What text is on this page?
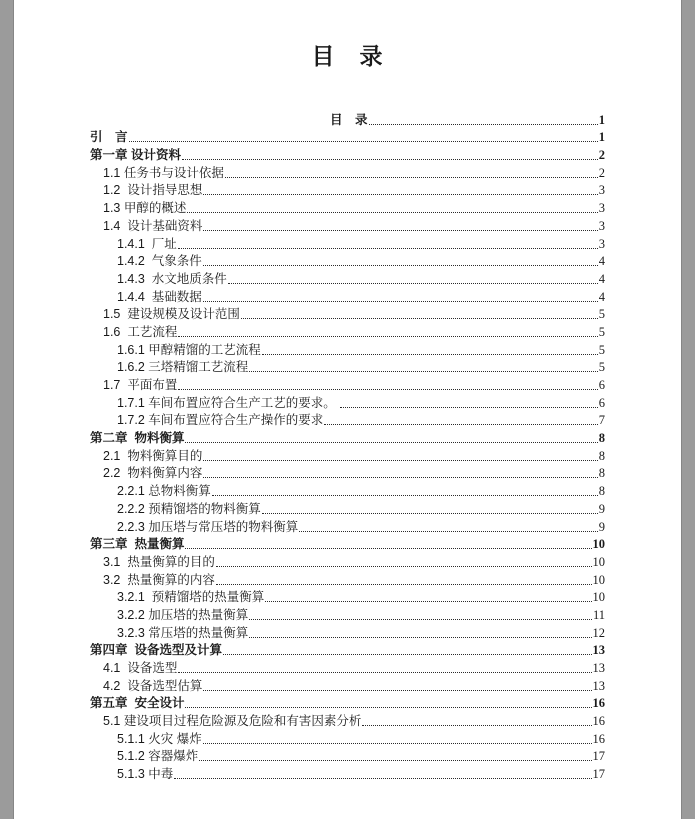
目　录
目　录	1
引　言	1
第一章 设计资料	2
1.1 任务书与设计依据	2
1.2  设计指导思想	3
1.3 甲醇的概述	3
1.4  设计基础资料	3
1.4.1  厂址	3
1.4.2  气象条件	4
1.4.3  水文地质条件	4
1.4.4  基础数据	4
1.5  建设规模及设计范围	5
1.6  工艺流程	5
1.6.1 甲醇精馏的工艺流程	5
1.6.2 三塔精馏工艺流程	5
1.7  平面布置	6
1.7.1 车间布置应符合生产工艺的要求。	6
1.7.2 车间布置应符合生产操作的要求	7
第二章  物料衡算	8
2.1  物料衡算目的	8
2.2  物料衡算内容	8
2.2.1 总物料衡算	8
2.2.2 预精馏塔的物料衡算	9
2.2.3 加压塔与常压塔的物料衡算	9
第三章  热量衡算	10
3.1  热量衡算的目的	10
3.2  热量衡算的内容	10
3.2.1  预精馏塔的热量衡算	10
3.2.2 加压塔的热量衡算	11
3.2.3 常压塔的热量衡算	12
第四章  设备选型及计算	13
4.1  设备选型	13
4.2  设备选型估算	13
第五章  安全设计	16
5.1 建设项目过程危险源及危险和有害因素分析	16
5.1.1 火灾 爆炸	16
5.1.2 容器爆炸	17
5.1.3 中毒	17
